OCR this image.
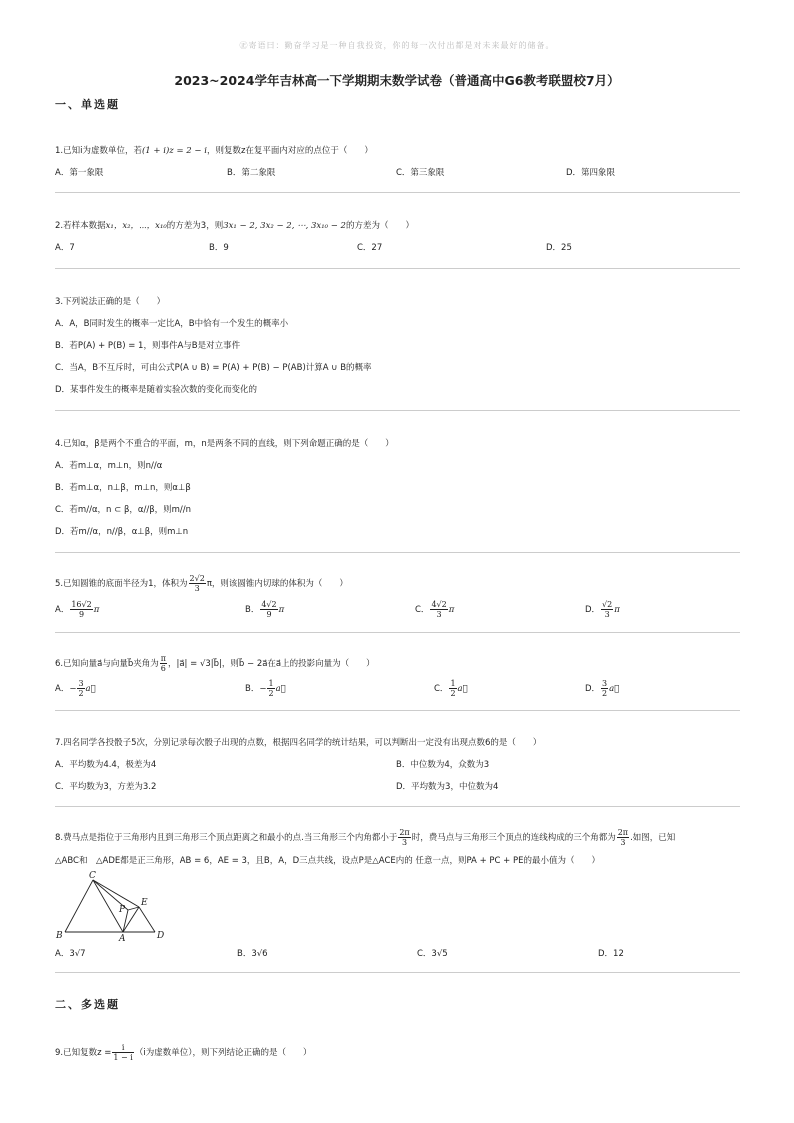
㊣寄语曰：勤奋学习是一种自我投资，你的每一次付出都是对未来最好的储备。
2023~2024学年吉林高一下学期期末数学试卷（普通高中G6教考联盟校7月）
一、单选题
1.已知i为虚数单位，若(1 + i)z = 2 − i，则复数z在复平面内对应的点位于（　　）
A．第一象限	B．第二象限	C．第三象限	D．第四象限
2.若样本数据x₁，x₂，⋯，x₁₀的方差为3，则3x₁ − 2, 3x₂ − 2, ⋯, 3x₁₀ − 2的方差为（　　）
A．7	B．9	C．27	D．25
3.下列说法正确的是（　　）
A．A，B同时发生的概率一定比A，B中恰有一个发生的概率小
B．若P(A) + P(B) = 1，则事件A与B是对立事件
C．当A，B不互斥时，可由公式P(A ∪ B) = P(A) + P(B) − P(AB)计算A ∪ B的概率
D．某事件发生的概率是随着实验次数的变化而变化的
4.已知α，β是两个不重合的平面，m，n是两条不同的直线，则下列命题正确的是（　　）
A．若m⊥α，m⊥n，则n//α
B．若m⊥α，n⊥β，m⊥n，则α⊥β
C．若m//α，n ⊂ β，α//β，则m//n
D．若m//α，n//β，α⊥β，则m⊥n
5.已知圆锥的底面半径为1，体积为 $\frac{2√2}{3}$ π，则该圆锥内切球的体积为（　　）
A． $\frac{16√2}{9}$ π	B． $\frac{4√2}{9}$ π	C． $\frac{4√2}{3}$ π	D． $\frac{√2}{3}$ π
6.已知向量a⃗与向量b⃗夹角为 $\frac{\pi}{6}$ ，|a⃗| = √3|b⃗|，则b⃗ − 2a⃗在a⃗上的投影向量为（　　）
A．− $\frac{3}{2}$ a⃗	B．− $\frac{1}{2}$ a⃗	C． $\frac{1}{2}$ a⃗	D． $\frac{3}{2}$ a⃗
7.四名同学各投骰子5次，分别记录每次骰子出现的点数，根据四名同学的统计结果，可以判断出一定没有出现点数6的是（　　）
A．平均数为4.4，极差为4	B．中位数为4，众数为3
C．平均数为3，方差为3.2	D．平均数为3，中位数为4
8.费马点是指位于三角形内且到三角形三个顶点距离之和最小的点.当三角形三个内角都小于 $\frac{2\pi}{3}$ 时，费马点与三角形三个顶点的连线构成的三个角都为 $\frac{2\pi}{3}$ .如图，已知
△ABC和　△ADE都是正三角形，AB = 6，AE = 3，且B，A，D三点共线，设点P是△ACE内的 任意一点，则PA + PC + PE的最小值为（　　）
C
B	A	D
E
P
A．3√7	B．3√6	C．3√5	D．12
二、多选题
9.已知复数$z = \frac{i}{1 - i} (i$为虚数单位），则下列结论正确的是（　　）
